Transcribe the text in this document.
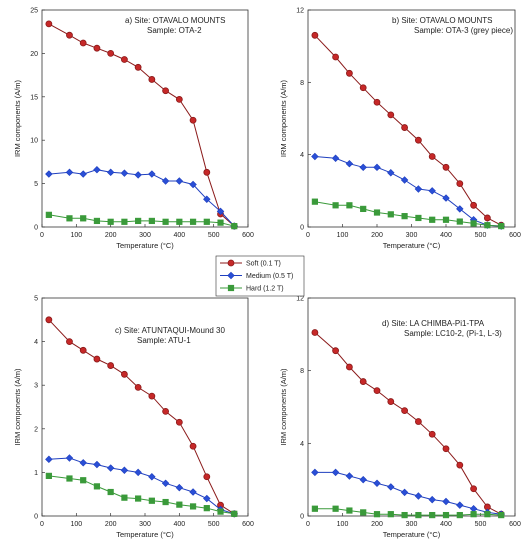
0	100	200	300	400	500	600
0
5
10
15
20
25
Temperature (°C)
IRM components (A/m)
a) Site: OTAVALO MOUNTS
Sample: OTA-2
0	100	200	300	400	500	600
0
4
8
12
Temperature (°C)
IRM components (A/m)
b) Site: OTAVALO MOUNTS
Sample: OTA-3 (grey piece)
0	100	200	300	400	500	600
0
1
2
3
4
5
Temperature (°C)
IRM components (A/m)
c) Site: ATUNTAQUI-Mound 30
Sample: ATU-1
0	100	200	300	400	500	600
0
4
8
12
Temperature (°C)
IRM components (A/m)
d) Site: LA CHIMBA-Pi1-TPA
Sample: LC10-2, (Pi-1, L-3)
Soft (0.1 T)
Medium (0.5 T)
Hard (1.2 T)
